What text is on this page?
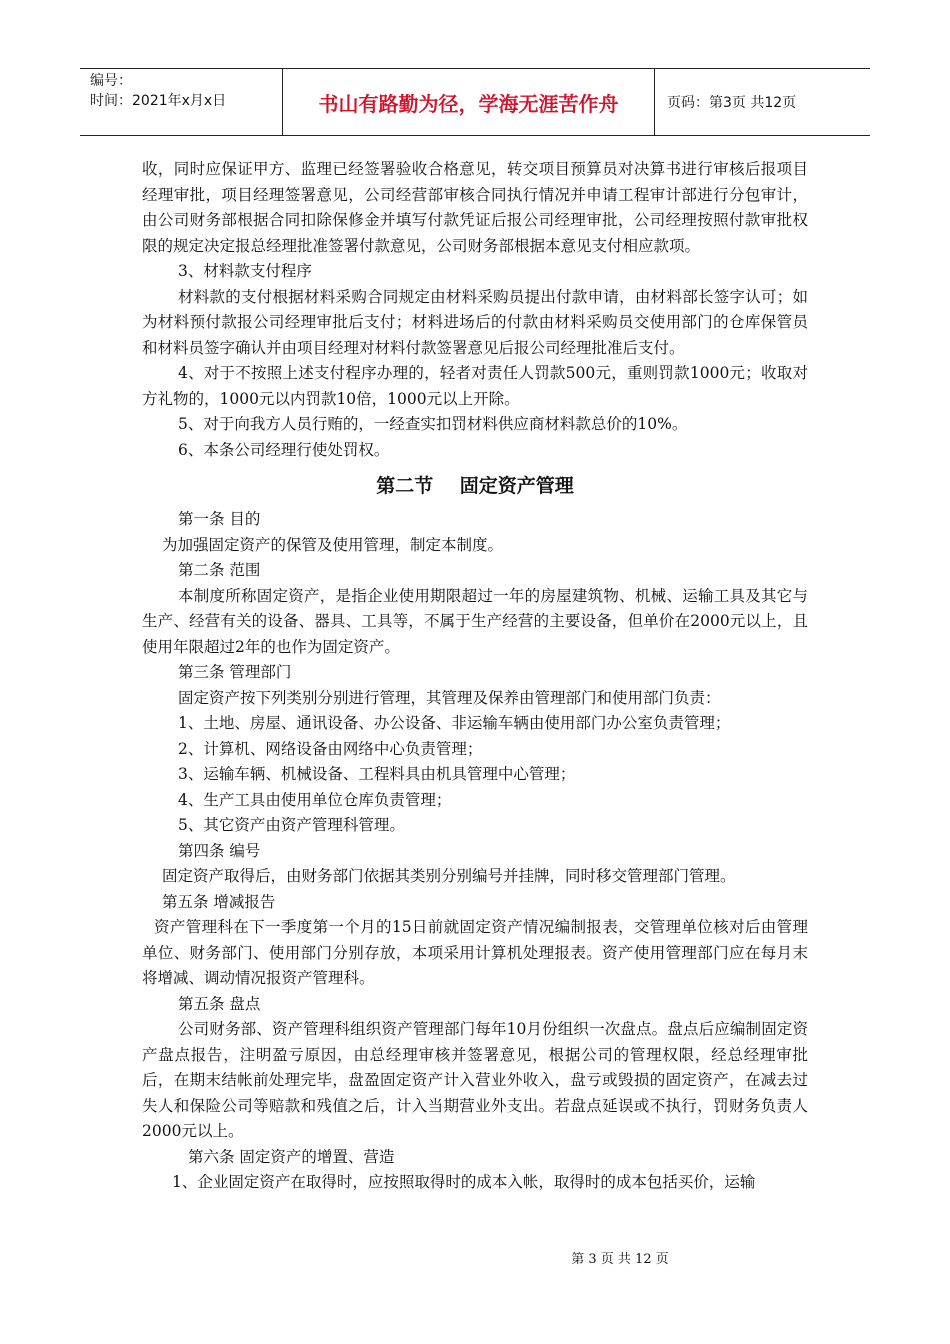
编号：
时间：2021年x月x日	书山有路勤为径，学海无涯苦作舟	页码：第3页 共12页

收，同时应保证甲方、监理已经签署验收合格意见，转交项目预算员对决算书进行审核后报项目经理审批，项目经理签署意见，公司经营部审核合同执行情况并申请工程审计部进行分包审计，由公司财务部根据合同扣除保修金并填写付款凭证后报公司经理审批，公司经理按照付款审批权限的规定决定报总经理批准签署付款意见，公司财务部根据本意见支付相应款项。

3、材料款支付程序

材料款的支付根据材料采购合同规定由材料采购员提出付款申请，由材料部长签字认可；如为材料预付款报公司经理审批后支付；材料进场后的付款由材料采购员交使用部门的仓库保管员和材料员签字确认并由项目经理对材料付款签署意见后报公司经理批准后支付。

4、对于不按照上述支付程序办理的，轻者对责任人罚款500元，重则罚款1000元；收取对方礼物的，1000元以内罚款10倍，1000元以上开除。

5、对于向我方人员行贿的，一经查实扣罚材料供应商材料款总价的10%。

6、本条公司经理行使处罚权。

第二节    固定资产管理

第一条 目的

为加强固定资产的保管及使用管理，制定本制度。

第二条 范围

本制度所称固定资产，是指企业使用期限超过一年的房屋建筑物、机械、运输工具及其它与生产、经营有关的设备、器具、工具等，不属于生产经营的主要设备，但单价在2000元以上，且使用年限超过2年的也作为固定资产。

第三条 管理部门

固定资产按下列类别分别进行管理，其管理及保养由管理部门和使用部门负责：

1、土地、房屋、通讯设备、办公设备、非运输车辆由使用部门办公室负责管理；

2、计算机、网络设备由网络中心负责管理；

3、运输车辆、机械设备、工程料具由机具管理中心管理；

4、生产工具由使用单位仓库负责管理；

5、其它资产由资产管理科管理。

第四条 编号

固定资产取得后，由财务部门依据其类别分别编号并挂牌，同时移交管理部门管理。

第五条 增减报告

资产管理科在下一季度第一个月的15日前就固定资产情况编制报表，交管理单位核对后由管理单位、财务部门、使用部门分别存放，本项采用计算机处理报表。资产使用管理部门应在每月末将增减、调动情况报资产管理科。

第五条 盘点

公司财务部、资产管理科组织资产管理部门每年10月份组织一次盘点。盘点后应编制固定资产盘点报告，注明盈亏原因，由总经理审核并签署意见，根据公司的管理权限，经总经理审批后，在期末结帐前处理完毕，盘盈固定资产计入营业外收入，盘亏或毁损的固定资产，在减去过失人和保险公司等赔款和残值之后，计入当期营业外支出。若盘点延误或不执行，罚财务负责人2000元以上。

第六条 固定资产的增置、营造

1、企业固定资产在取得时，应按照取得时的成本入帐，取得时的成本包括买价，运输

第 3 页 共 12 页
